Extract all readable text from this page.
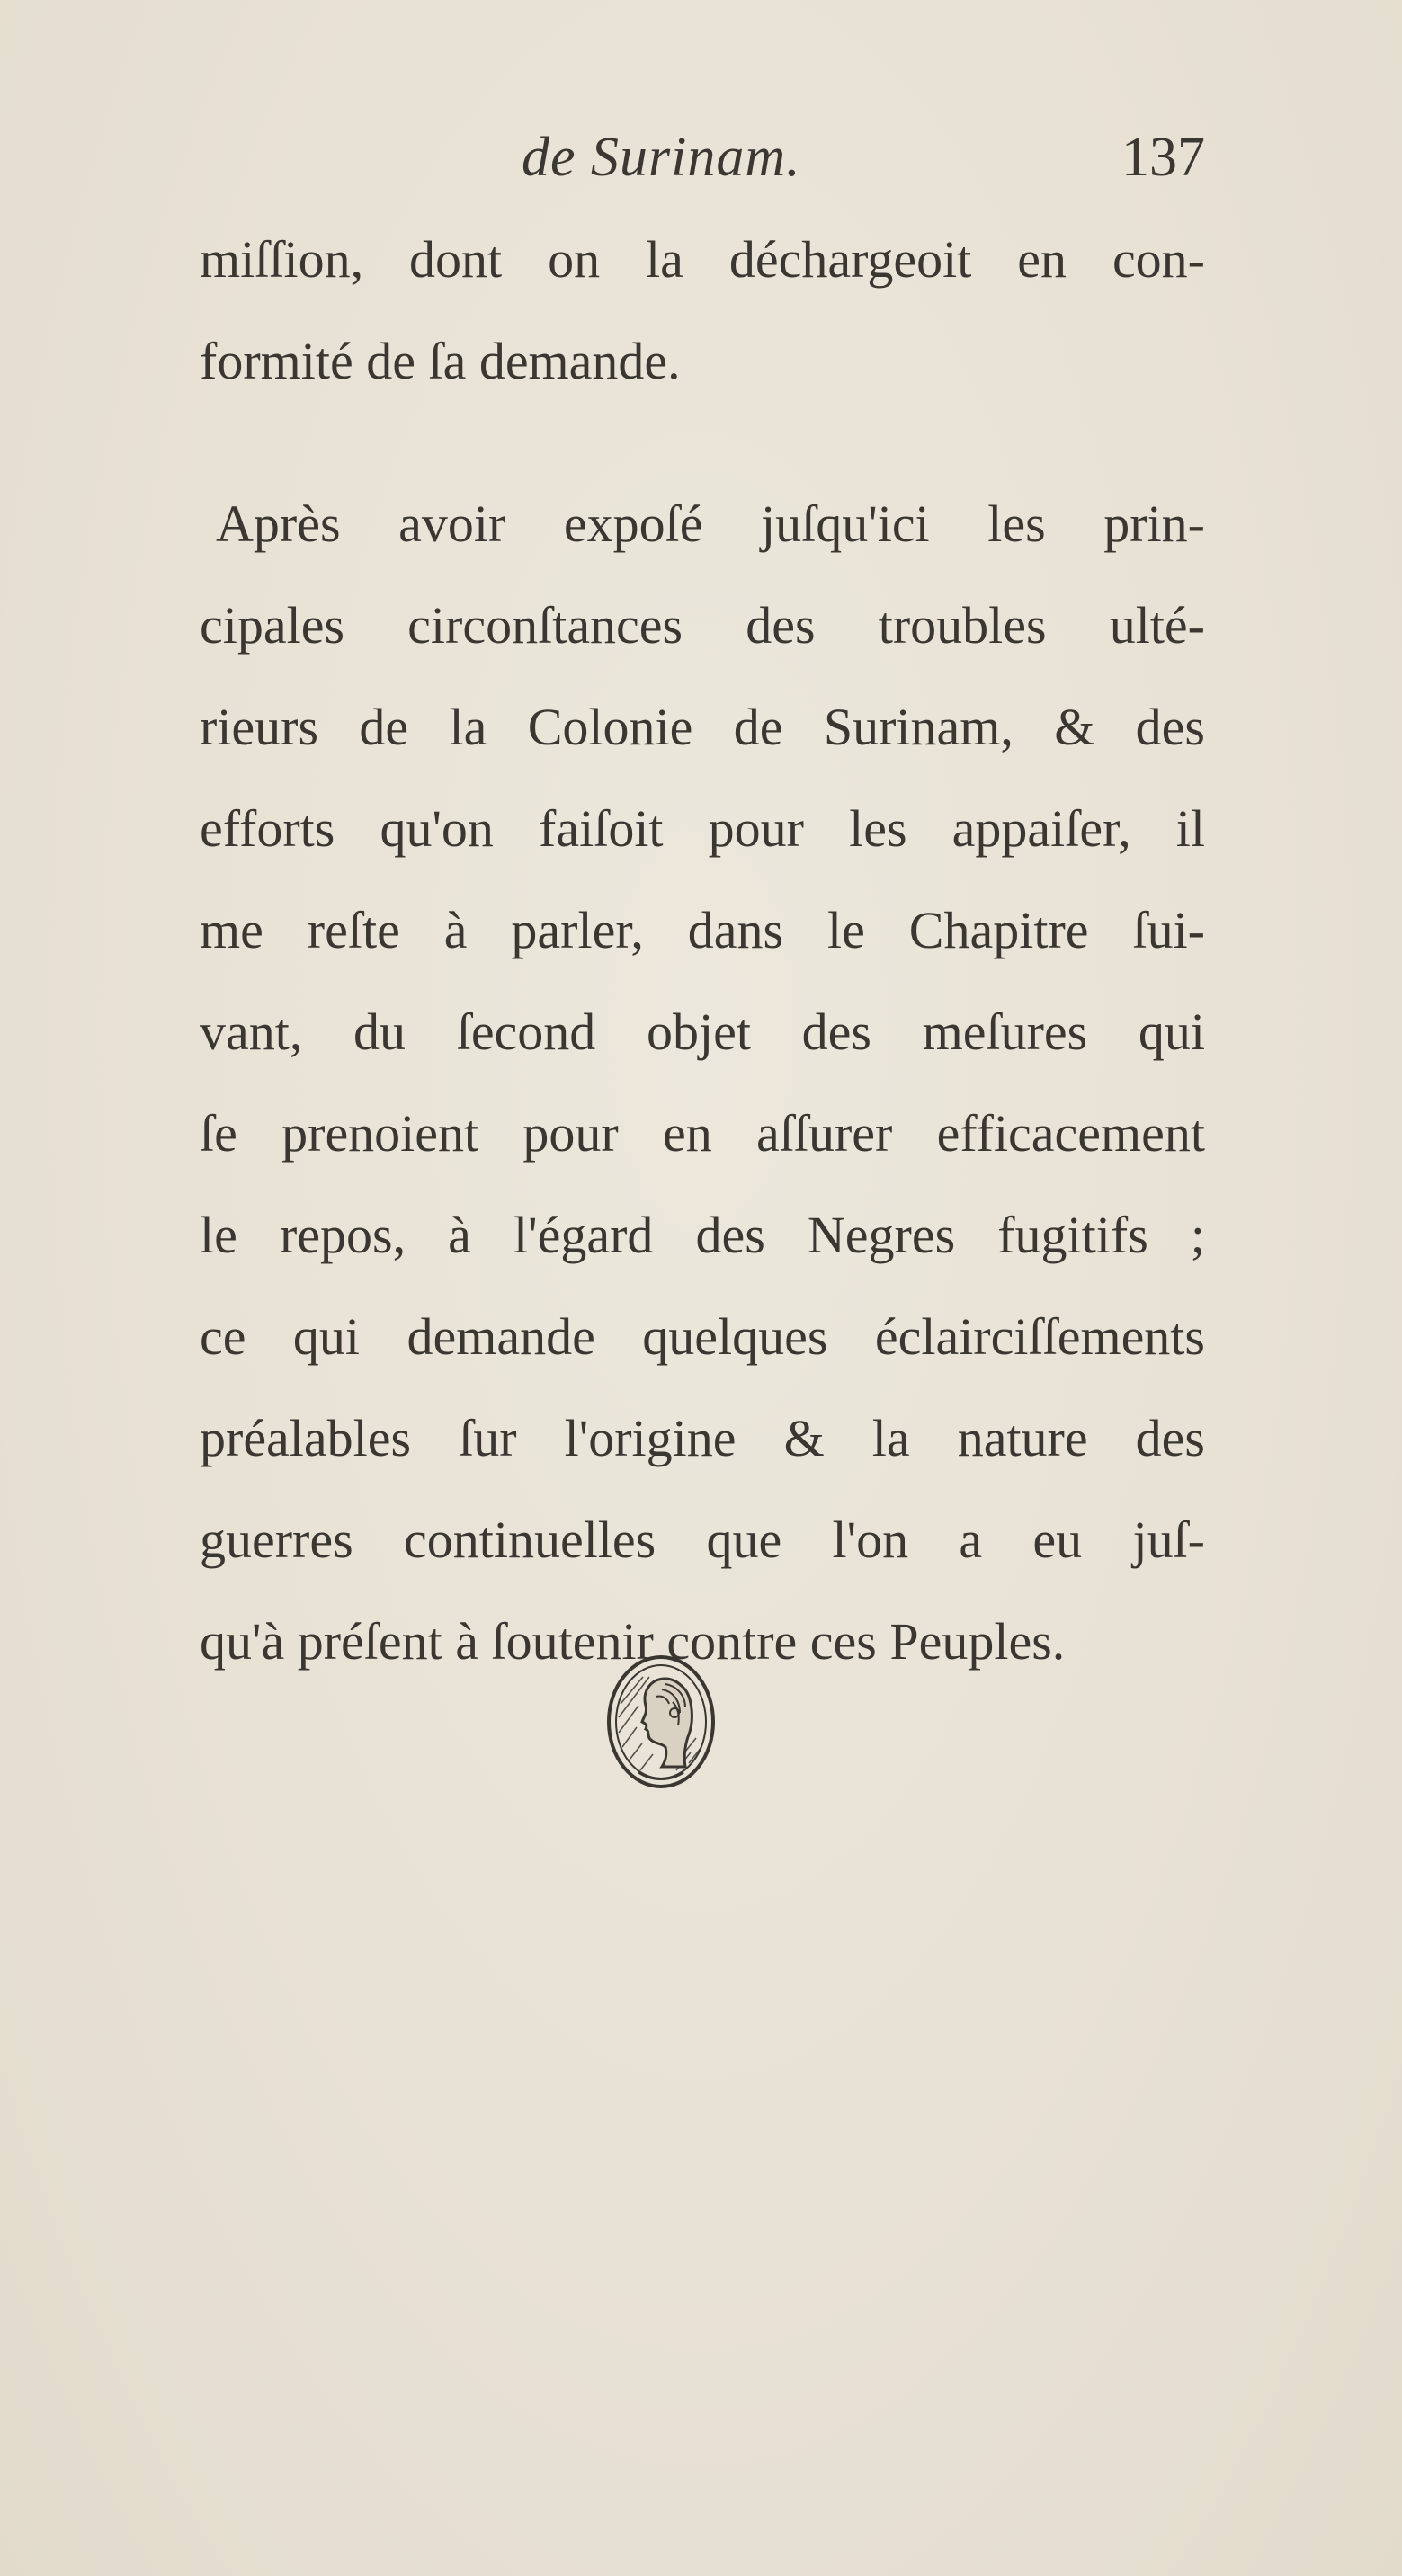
de Surinam.	137
miſſion, dont on la déchargeoit en con-
formité de ſa demande.
Après avoir expoſé juſqu'ici les prin-
cipales circonſtances des troubles ulté-
rieurs de la Colonie de Surinam, & des
efforts qu'on faiſoit pour les appaiſer, il
me reſte à parler, dans le Chapitre ſui-
vant, du ſecond objet des meſures qui
ſe prenoient pour en aſſurer efficacement
le repos, à l'égard des Negres fugitifs ;
ce qui demande quelques éclairciſſements
préalables ſur l'origine & la nature des
guerres continuelles que l'on a eu juſ-
qu'à préſent à ſoutenir contre ces Peuples.
